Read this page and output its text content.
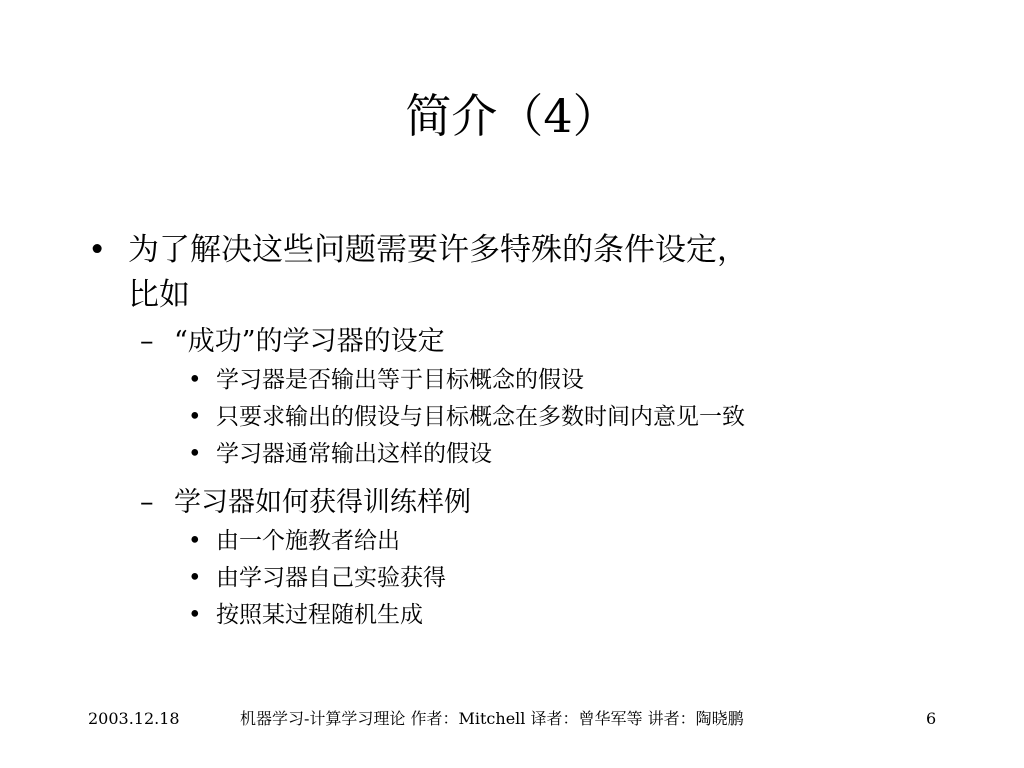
简介（4）
• 为了解决这些问题需要许多特殊的条件设定，
比如
– “成功”的学习器的设定
• 学习器是否输出等于目标概念的假设
• 只要求输出的假设与目标概念在多数时间内意见一致
• 学习器通常输出这样的假设
– 学习器如何获得训练样例
• 由一个施教者给出
• 由学习器自己实验获得
• 按照某过程随机生成
2003.12.18	机器学习-计算学习理论 作者：Mitchell 译者：曾华军等 讲者：陶晓鹏	6
